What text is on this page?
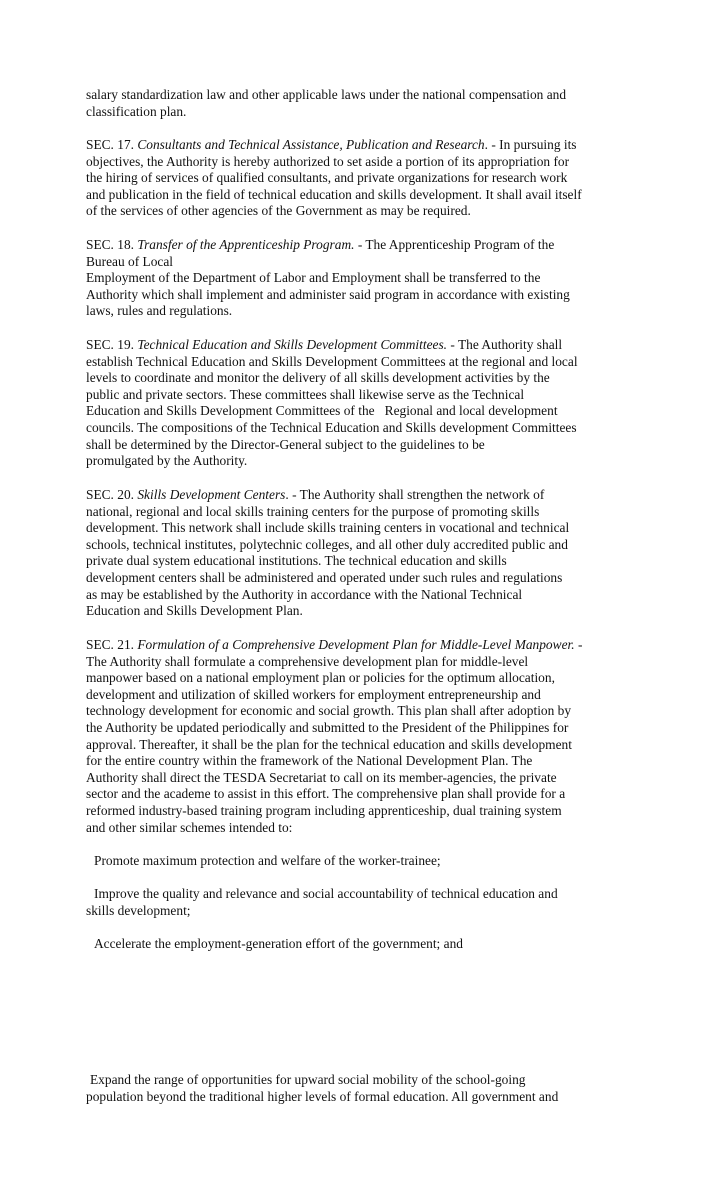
salary standardization law and other applicable laws under the national compensation and
classification plan.

SEC. 17. Consultants and Technical Assistance, Publication and Research. - In pursuing its
objectives, the Authority is hereby authorized to set aside a portion of its appropriation for
the hiring of services of qualified consultants, and private organizations for research work
and publication in the field of technical education and skills development. It shall avail itself
of the services of other agencies of the Government as may be required.

SEC. 18. Transfer of the Apprenticeship Program. - The Apprenticeship Program of the
Bureau of Local
Employment of the Department of Labor and Employment shall be transferred to the
Authority which shall implement and administer said program in accordance with existing
laws, rules and regulations.

SEC. 19. Technical Education and Skills Development Committees. - The Authority shall
establish Technical Education and Skills Development Committees at the regional and local
levels to coordinate and monitor the delivery of all skills development activities by the
public and private sectors. These committees shall likewise serve as the Technical
Education and Skills Development Committees of the   Regional and local development
councils. The compositions of the Technical Education and Skills development Committees
shall be determined by the Director-General subject to the guidelines to be
promulgated by the Authority.

SEC. 20. Skills Development Centers. - The Authority shall strengthen the network of
national, regional and local skills training centers for the purpose of promoting skills
development. This network shall include skills training centers in vocational and technical
schools, technical institutes, polytechnic colleges, and all other duly accredited public and
private dual system educational institutions. The technical education and skills
development centers shall be administered and operated under such rules and regulations
as may be established by the Authority in accordance with the National Technical
Education and Skills Development Plan.

SEC. 21. Formulation of a Comprehensive Development Plan for Middle-Level Manpower. -
The Authority shall formulate a comprehensive development plan for middle-level
manpower based on a national employment plan or policies for the optimum allocation,
development and utilization of skilled workers for employment entrepreneurship and
technology development for economic and social growth. This plan shall after adoption by
the Authority be updated periodically and submitted to the President of the Philippines for
approval. Thereafter, it shall be the plan for the technical education and skills development
for the entire country within the framework of the National Development Plan. The
Authority shall direct the TESDA Secretariat to call on its member-agencies, the private
sector and the academe to assist in this effort. The comprehensive plan shall provide for a
reformed industry-based training program including apprenticeship, dual training system
and other similar schemes intended to:

Promote maximum protection and welfare of the worker-trainee;

Improve the quality and relevance and social accountability of technical education and
skills development;

Accelerate the employment-generation effort of the government; and

Expand the range of opportunities for upward social mobility of the school-going
population beyond the traditional higher levels of formal education. All government and
